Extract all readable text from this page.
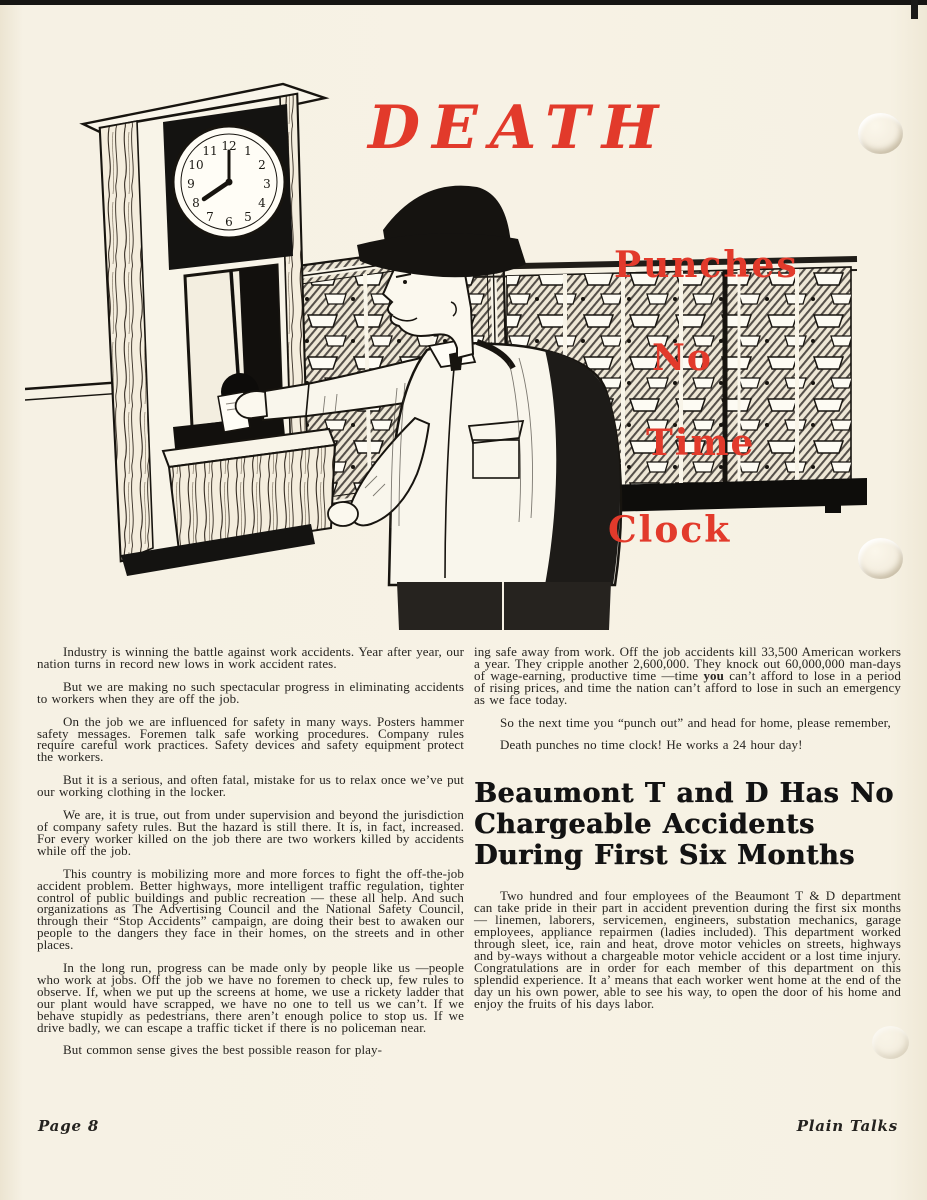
12 1
2
3
4
5
6
7
8
9
10
11	DEATH
Punches
No
Time
Clock

Industry is winning the battle against work accidents. Year after year, our nation turns in record new lows in work accident rates.

But we are making no such spectacular progress in eliminating accidents to workers when they are off the job.

On the job we are influenced for safety in many ways. Posters hammer safety messages. Foremen talk safe working procedures. Company rules require careful work practices. Safety devices and safety equipment protect the workers.

But it is a serious, and often fatal, mistake for us to relax once we’ve put our working clothing in the locker.

We are, it is true, out from under supervision and beyond the jurisdiction of company safety rules. But the hazard is still there. It is, in fact, increased. For every worker killed on the job there are two workers killed by accidents while off the job.

This country is mobilizing more and more forces to fight the off-the-job accident problem. Better highways, more intelligent traffic regulation, tighter control of public buildings and public recreation — these all help. And such organizations as The Advertising Council and the National Safety Council, through their “Stop Accidents” campaign, are doing their best to awaken our people to the dangers they face in their homes, on the streets and in other places.

In the long run, progress can be made only by people like us —people who work at jobs. Off the job we have no foremen to check up, few rules to observe. If, when we put up the screens at home, we use a rickety ladder that our plant would have scrapped, we have no one to tell us we can’t. If we behave stupidly as pedestrians, there aren’t enough police to stop us. If we drive badly, we can escape a traffic ticket if there is no policeman near.

But common sense gives the best possible reason for play-

ing safe away from work. Off the job accidents kill 33,500 American workers a year. They cripple another 2,600,000. They knock out 60,000,000 man-days of wage-earning, productive time —time you can’t afford to lose in a period of rising prices, and time the nation can’t afford to lose in such an emergency as we face today.

So the next time you “punch out” and head for home, please remember,

Death punches no time clock! He works a 24 hour day!

Beaumont T and D Has No
Chargeable Accidents
During First Six Months

Two hundred and four employees of the Beaumont T & D department can take pride in their part in accident prevention during the first six months — linemen, laborers, servicemen, engineers, substation mechanics, garage employees, appliance repairmen (ladies included). This department worked through sleet, ice, rain and heat, drove motor vehicles on streets, highways and by-ways without a chargeable motor vehicle accident or a lost time injury. Congratulations are in order for each member of this department on this splendid experience. It a’ means that each worker went home at the end of the day un his own power, able to see his way, to open the door of his home and enjoy the fruits of his days labor.

Page 8	Plain Talks
